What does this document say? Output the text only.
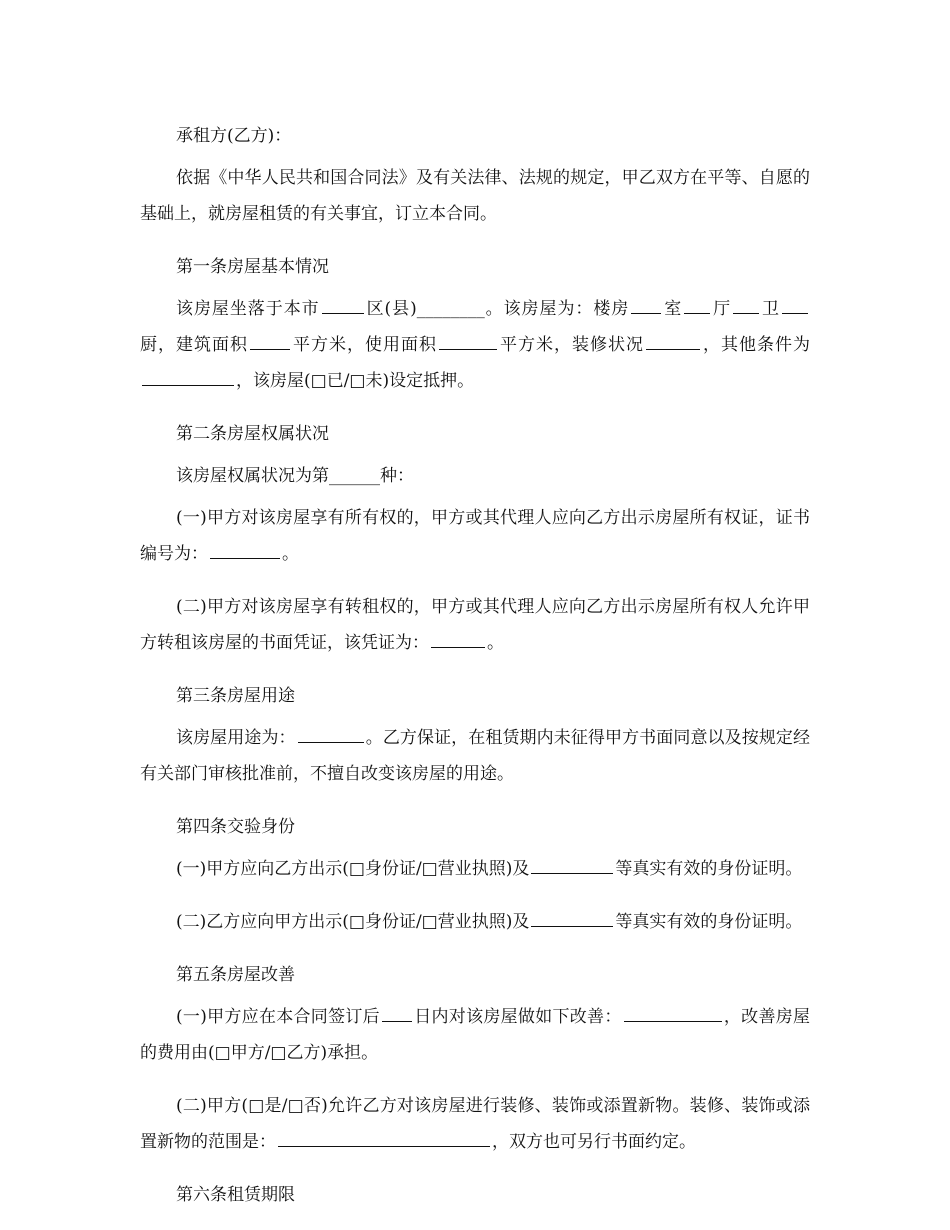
承租方(乙方)：

依据《中华人民共和国合同法》及有关法律、法规的规定，甲乙双方在平等、自愿的基础上，就房屋租赁的有关事宜，订立本合同。

第一条房屋基本情况

该房屋坐落于本市	区(县)________。该房屋为：楼房 室 厅 卫厨，建筑面积	平方米，使用面积	平方米，装修状况	，其他条件为，该房屋(□已/□未)设定抵押。

第二条房屋权属状况

该房屋权属状况为第______种：

(一)甲方对该房屋享有所有权的，甲方或其代理人应向乙方出示房屋所有权证，证书编号为：	。

(二)甲方对该房屋享有转租权的，甲方或其代理人应向乙方出示房屋所有权人允许甲方转租该房屋的书面凭证，该凭证为：	。

第三条房屋用途

该房屋用途为：	。乙方保证，在租赁期内未征得甲方书面同意以及按规定经有关部门审核批准前，不擅自改变该房屋的用途。

第四条交验身份

(一)甲方应向乙方出示(□身份证/□营业执照)及	等真实有效的身份证明。

(二)乙方应向甲方出示(□身份证/□营业执照)及	等真实有效的身份证明。

第五条房屋改善

(一)甲方应在本合同签订后 日内对该房屋做如下改善：	，改善房屋的费用由(□甲方/□乙方)承担。

(二)甲方(□是/□否)允许乙方对该房屋进行装修、装饰或添置新物。装修、装饰或添置新物的范围是：	，双方也可另行书面约定。

第六条租赁期限
